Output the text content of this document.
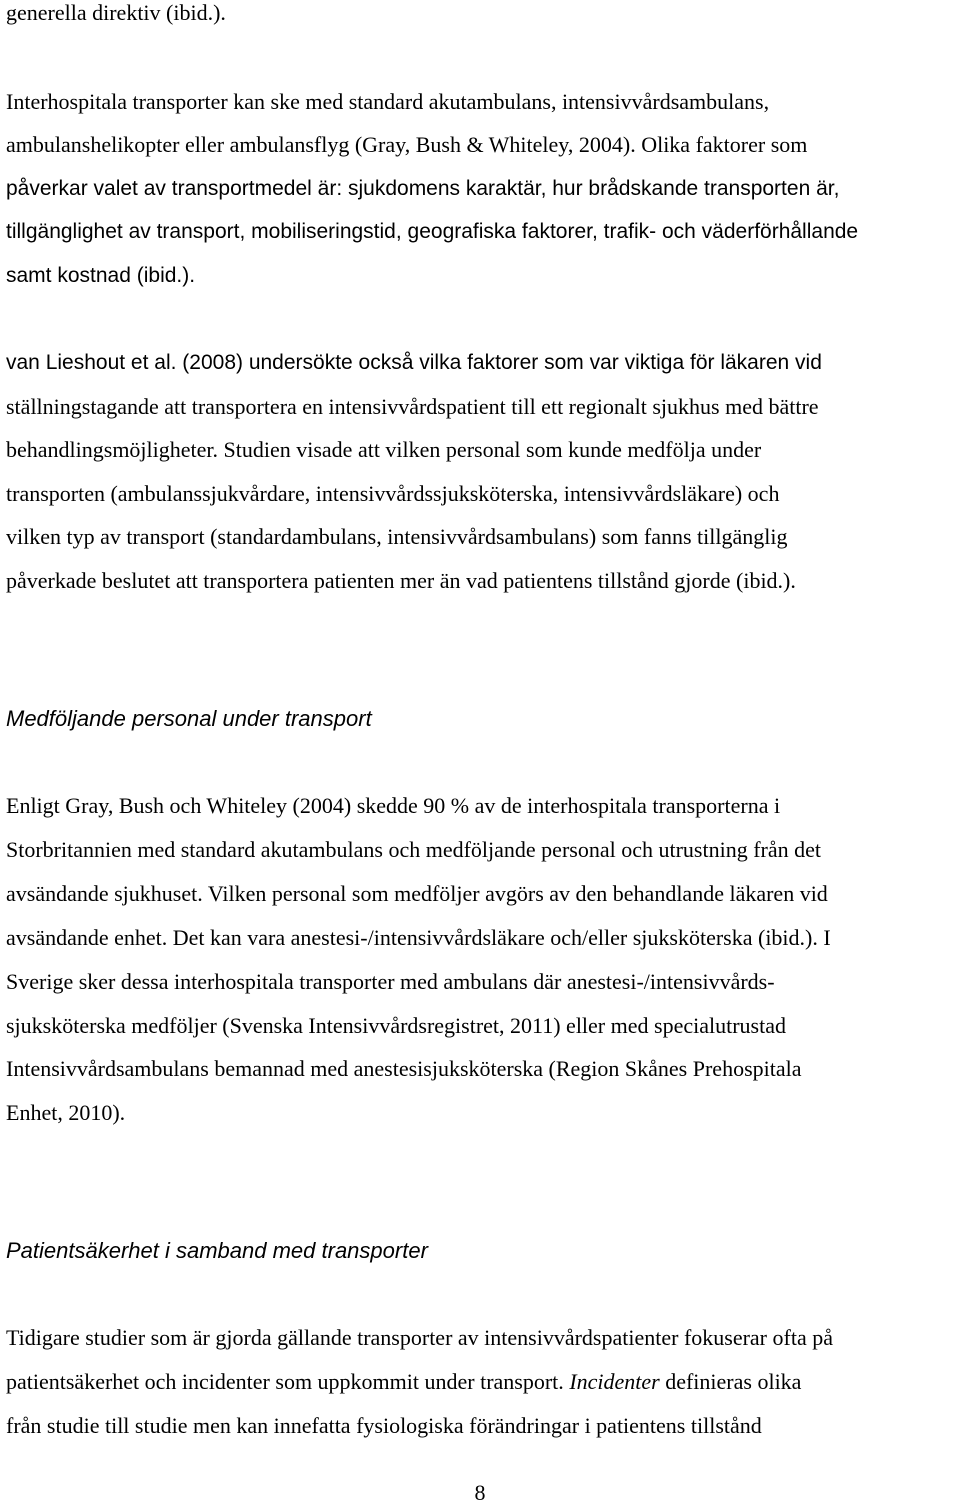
generella direktiv (ibid.).
Interhospitala transporter kan ske med standard akutambulans, intensivvårdsambulans,
ambulanshelikopter eller ambulansflyg (Gray, Bush & Whiteley, 2004). Olika faktorer som
påverkar valet av transportmedel är: sjukdomens karaktär, hur brådskande transporten är,
tillgänglighet av transport, mobiliseringstid, geografiska faktorer, trafik- och väderförhållande
samt kostnad (ibid.).
van Lieshout et al. (2008) undersökte också vilka faktorer som var viktiga för läkaren vid
ställningstagande att transportera en intensivvårdspatient till ett regionalt sjukhus med bättre
behandlingsmöjligheter. Studien visade att vilken personal som kunde medfölja under
transporten (ambulanssjukvårdare, intensivvårdssjuksköterska, intensivvårdsläkare) och
vilken typ av transport (standardambulans, intensivvårdsambulans) som fanns tillgänglig
påverkade beslutet att transportera patienten mer än vad patientens tillstånd gjorde (ibid.).
Medföljande personal under transport
Enligt Gray, Bush och Whiteley (2004) skedde 90 % av de interhospitala transporterna i
Storbritannien med standard akutambulans och medföljande personal och utrustning från det
avsändande sjukhuset. Vilken personal som medföljer avgörs av den behandlande läkaren vid
avsändande enhet. Det kan vara anestesi-/intensivvårdsläkare och/eller sjuksköterska (ibid.). I
Sverige sker dessa interhospitala transporter med ambulans där anestesi-/intensivvårds-
sjuksköterska medföljer (Svenska Intensivvårdsregistret, 2011) eller med specialutrustad
Intensivvårdsambulans bemannad med anestesisjuksköterska (Region Skånes Prehospitala
Enhet, 2010).
Patientsäkerhet i samband med transporter
Tidigare studier som är gjorda gällande transporter av intensivvårdspatienter fokuserar ofta på
patientsäkerhet och incidenter som uppkommit under transport. Incidenter definieras olika
från studie till studie men kan innefatta fysiologiska förändringar i patientens tillstånd
8
